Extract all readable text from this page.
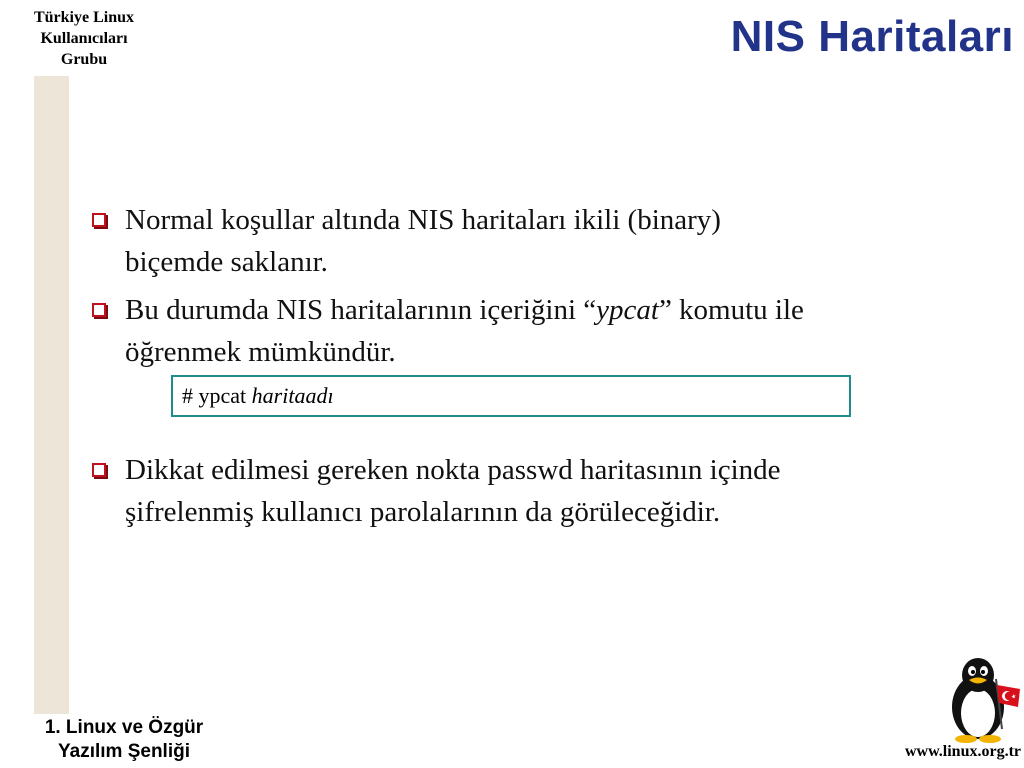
Türkiye Linux
Kullanıcıları
Grubu	NIS Haritaları
Normal koşullar altında NIS haritaları ikili (binary)
biçemde saklanır.
Bu durumda NIS haritalarının içeriğini “ypcat” komutu ile
öğrenmek mümkündür.
Dikkat edilmesi gereken nokta passwd haritasının içinde
şifrelenmiş kullanıcı parolalarının da görüleceğidir.
# ypcat haritaadı
1. Linux ve Özgür
Yazılım Şenliği	www.linux.org.tr
